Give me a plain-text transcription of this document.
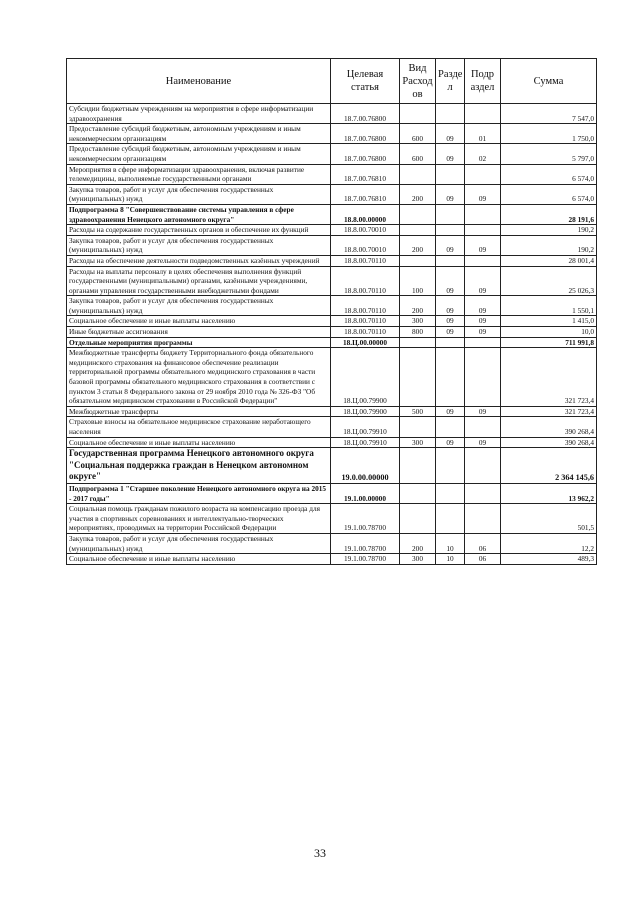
Наименование	Целевая статья	Вид Расход ов	Разде л	Подр аздел	Сумма
Субсидии бюджетным учреждениям на мероприятия в сфере информатизации здравоохранения	18.7.00.76800				7 547,0
Предоставление субсидий бюджетным, автономным учреждениям и иным некоммерческим организациям	18.7.00.76800	600	09	01	1 750,0
Предоставление субсидий бюджетным, автономным учреждениям и иным некоммерческим организациям	18.7.00.76800	600	09	02	5 797,0
Мероприятия в сфере информатизации здравоохранения, включая развитие телемедицины, выполняемые государственными органами	18.7.00.76810				6 574,0
Закупка товаров, работ и услуг для обеспечения государственных (муниципальных) нужд	18.7.00.76810	200	09	09	6 574,0
Подпрограмма 8 "Совершенствование системы управления в сфере здравоохранения Ненецкого автономного округа"	18.8.00.00000				28 191,6
Расходы на содержание государственных органов и обеспечение их функций	18.8.00.70010				190,2
Закупка товаров, работ и услуг для обеспечения государственных (муниципальных) нужд	18.8.00.70010	200	09	09	190,2
Расходы на обеспечение деятельности подведомственных казённых учреждений	18.8.00.70110				28 001,4
Расходы на выплаты персоналу в целях обеспечения выполнения функций государственными (муниципальными) органами, казёнными учреждениями, органами управления государственными внебюджетными фондами	18.8.00.70110	100	09	09	25 026,3
Закупка товаров, работ и услуг для обеспечения государственных (муниципальных) нужд	18.8.00.70110	200	09	09	1 550,1
Социальное обеспечение и иные выплаты населению	18.8.00.70110	300	09	09	1 415,0
Иные бюджетные ассигнования	18.8.00.70110	800	09	09	10,0
Отдельные мероприятия программы	18.Ц.00.00000				711 991,8
Межбюджетные трансферты бюджету Территориального фонда обязательного медицинского страхования на финансовое обеспечение реализации территориальной программы обязательного медицинского страхования в части базовой программы обязательного медицинского страхования в соответствии с пунктом 3 статьи 8 Федерального закона от 29 ноября 2010 года № 326-ФЗ "Об обязательном медицинском страховании в Российской Федерации"	18.Ц.00.79900				321 723,4
Межбюджетные трансферты	18.Ц.00.79900	500	09	09	321 723,4
Страховые взносы на обязательное медицинское страхование неработающего населения	18.Ц.00.79910				390 268,4
Социальное обеспечение и иные выплаты населению	18.Ц.00.79910	300	09	09	390 268,4
Государственная программа Ненецкого автономного округа "Социальная поддержка граждан в Ненецком автономном округе"	19.0.00.00000				2 364 145,6
Подпрограмма 1 "Старшее поколение Ненецкого автономного округа на 2015 - 2017 годы"	19.1.00.00000				13 962,2
Социальная помощь гражданам пожилого возраста на компенсацию проезда для участия в спортивных соревнованиях и интеллектуально-творческих мероприятиях, проводимых на территории Российской Федерации	19.1.00.78700				501,5
Закупка товаров, работ и услуг для обеспечения государственных (муниципальных) нужд	19.1.00.78700	200	10	06	12,2
Социальное обеспечение и иные выплаты населению	19.1.00.78700	300	10	06	489,3
33
